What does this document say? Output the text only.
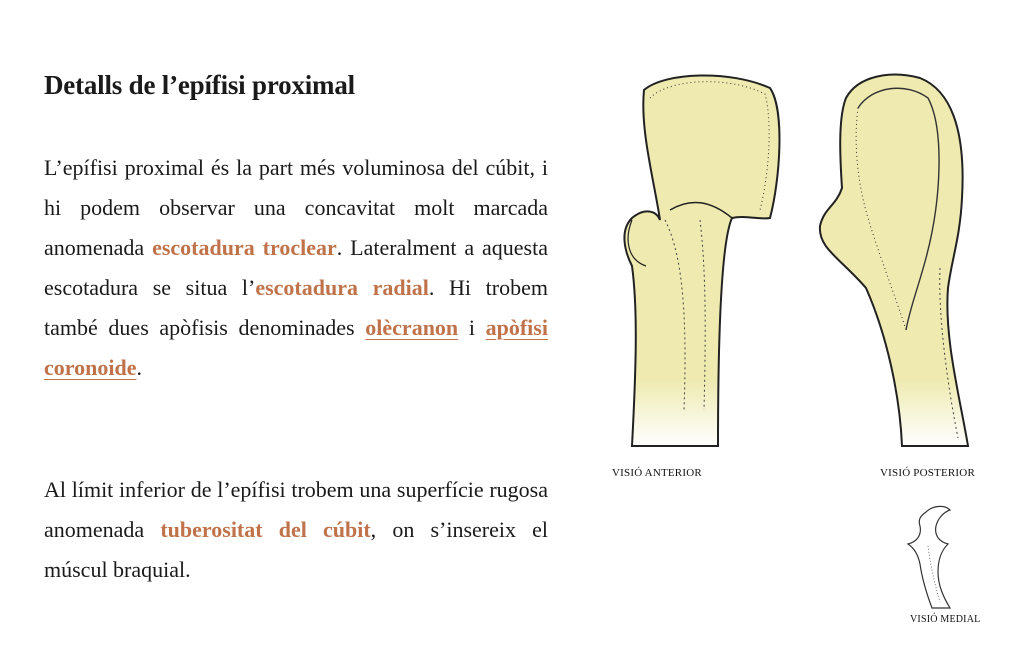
Detalls de l’epífisi proximal
L’epífisi proximal és la part més voluminosa del cúbit, i hi podem observar una concavitat molt marcada anomenada escotadura troclear. Lateralment a aquesta escotadura se situa l’escotadura radial. Hi trobem també dues apòfisis denominades olècranon i apòfisi coronoide.
Al límit inferior de l’epífisi trobem una superfície rugosa anomenada tuberositat del cúbit, on s’insereix el múscul braquial.
VISIÓ ANTERIOR	VISIÓ POSTERIOR
VISIÓ MEDIAL
